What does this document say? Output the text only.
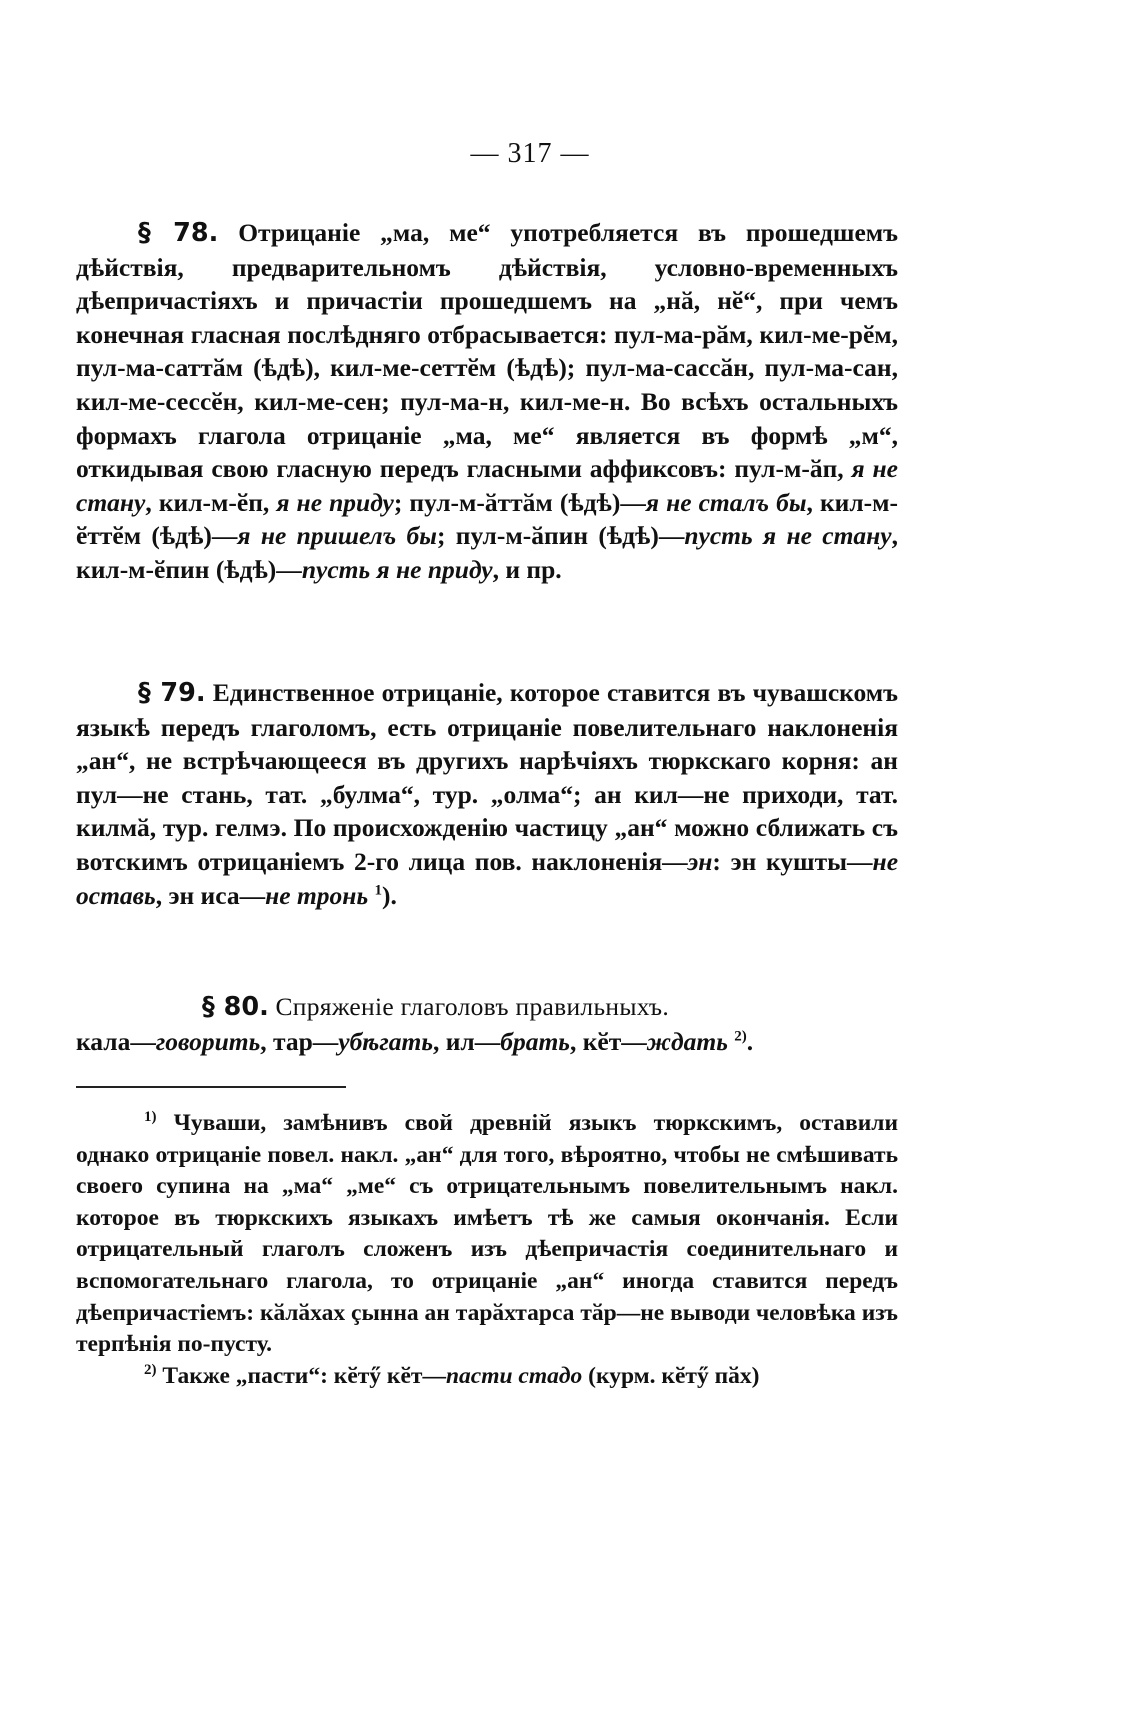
— 317 —

§ 78. Отрицаніе „ма, ме“ употребляется въ прошедшемъ дѣйствія, предварительномъ дѣйствія, условно-временныхъ дѣепричастіяхъ и причастіи прошедшемъ на „нӑ, нӗ“, при чемъ конечная гласная послѣдняго отбрасывается: пул-ма-рӑм, кил-ме-рӗм, пул-ма-саттӑм (ѣдѣ), кил-ме-сеттӗм (ѣдѣ); пул-ма-сассӑн, пул-ма-сан, кил-ме-сессӗн, кил-ме-сен; пул-ма-н, кил-ме-н. Во всѣхъ остальныхъ формахъ глагола отрицаніе „ма, ме“ является въ формѣ „м“, откидывая свою гласную передъ гласными аффиксовъ: пул-м-ӑп, я не стану, кил-м-ӗп, я не приду; пул-м-ӑттӑм (ѣдѣ)—я не сталъ бы, кил-м-ӗттӗм (ѣдѣ)—я не пришелъ бы; пул-м-ӑпин (ѣдѣ)—пусть я не стану, кил-м-ӗпин (ѣдѣ)—пусть я не приду, и пр.

§ 79. Единственное отрицаніе, которое ставится въ чувашскомъ языкѣ передъ глаголомъ, есть отрицаніе повелительнаго наклоненія „ан“, не встрѣчающееся въ другихъ нарѣчіяхъ тюркскаго корня: ан пул—не стань, тат. „булма“, тур. „олма“; ан кил—не приходи, тат. килмӑ, тур. гелмэ. По происхожденію частицу „ан“ можно сближать съ вотскимъ отрицаніемъ 2-го лица пов. наклоненія—эн: эн кушты—не оставь, эн иса—не тронь $^1$).

§ 80. Спряженіе глаголовъ правильныхъ.

кала—говорить, тар—убѣгать, ил—брать, кӗт—ждать $^{2)}$.

$^{1)}$ Чуваши, замѣнивъ свой древній языкъ тюркскимъ, оставили однако отрицаніе повел. накл. „ан“ для того, вѣроятно, чтобы не смѣшивать своего супина на „ма“ „ме“ съ отрицательнымъ повелительнымъ накл. которое въ тюркскихъ языкахъ имѣетъ тѣ же самыя окончанія. Если отрицательный глаголъ сложенъ изъ дѣепричастія соединительнаго и вспомогательнаго глагола, то отрицаніе „ан“ иногда ставится передъ дѣепричастіемъ: кӑлӑхах çынна ан тарӑхтарса тӑр—не выводи человѣка изъ терпѣнія по-пусту.

$^{2)}$ Также „пасти“: кӗтӳ кӗт—пасти стадо (курм. кӗтӳ пӑх)
